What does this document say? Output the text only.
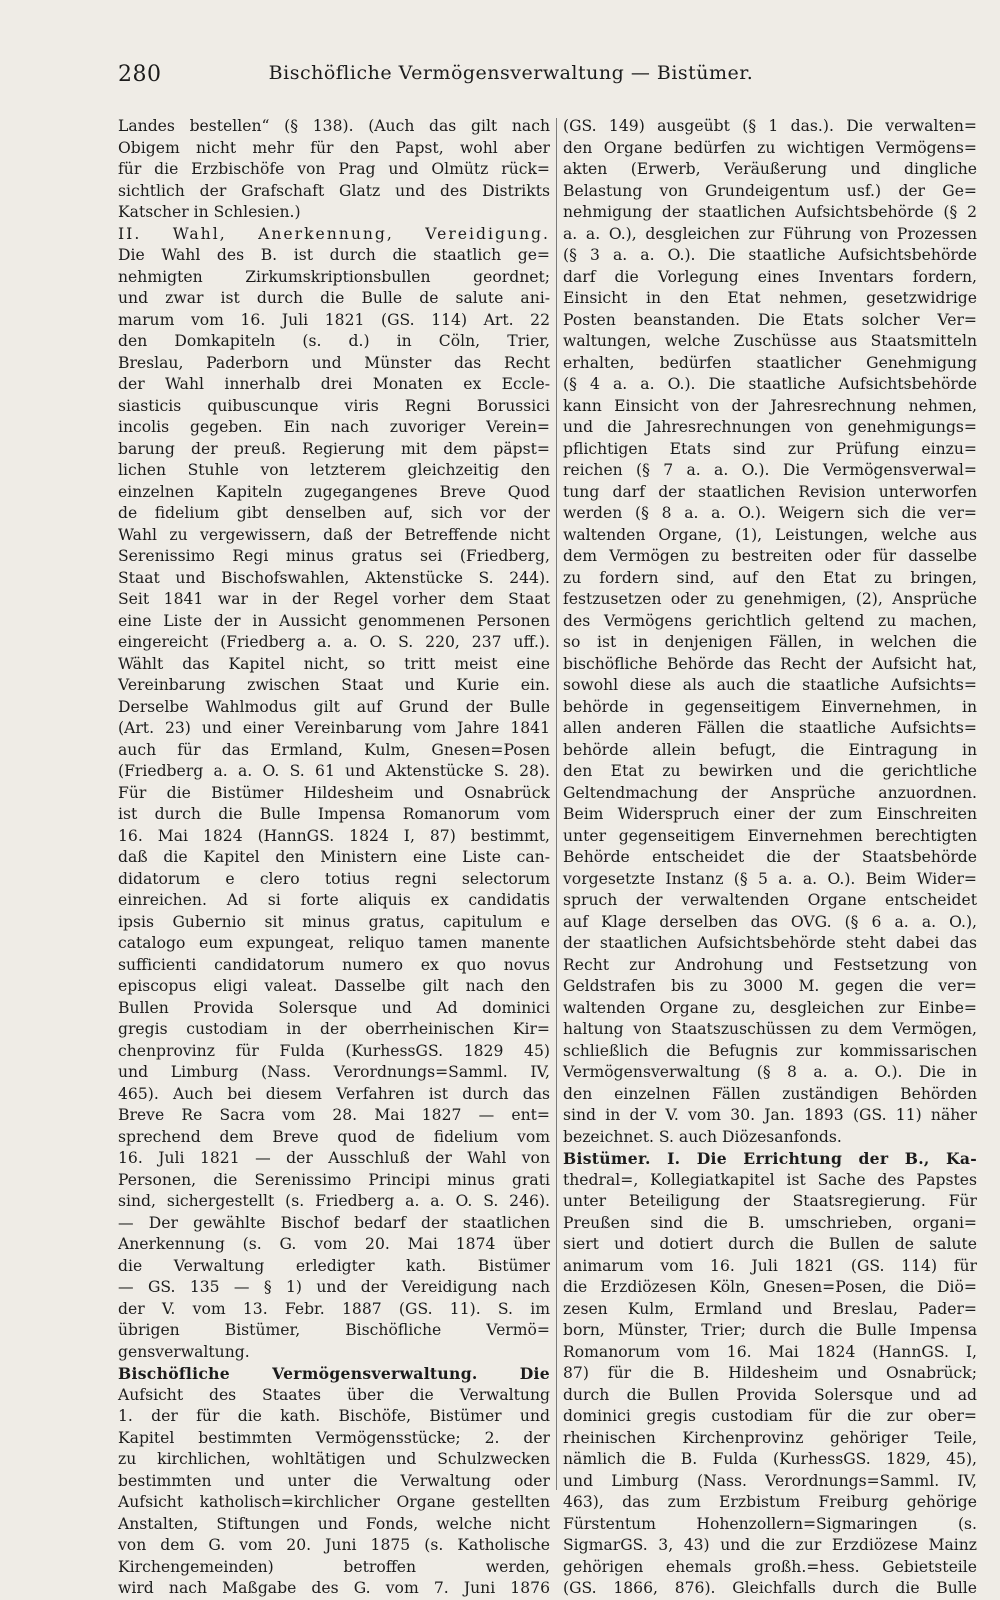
280	Bischöfliche Vermögensverwaltung — Bistümer.
Landes bestellen“ (§ 138). (Auch das gilt nach
Obigem nicht mehr für den Papst, wohl aber
für die Erzbischöfe von Prag und Olmütz rück=
sichtlich der Grafschaft Glatz und des Distrikts
Katscher in Schlesien.)
II. Wahl, Anerkennung, Vereidigung.
Die Wahl des B. ist durch die staatlich ge=
nehmigten Zirkumskriptionsbullen geordnet;
und zwar ist durch die Bulle de salute ani-
marum vom 16. Juli 1821 (GS. 114) Art. 22
den Domkapiteln (s. d.) in Cöln, Trier,
Breslau, Paderborn und Münster das Recht
der Wahl innerhalb drei Monaten ex Eccle-
siasticis quibuscunque viris Regni Borussici
incolis gegeben. Ein nach zuvoriger Verein=
barung der preuß. Regierung mit dem päpst=
lichen Stuhle von letzterem gleichzeitig den
einzelnen Kapiteln zugegangenes Breve Quod
de fidelium gibt denselben auf, sich vor der
Wahl zu vergewissern, daß der Betreffende nicht
Serenissimo Regi minus gratus sei (Friedberg,
Staat und Bischofswahlen, Aktenstücke S. 244).
Seit 1841 war in der Regel vorher dem Staat
eine Liste der in Aussicht genommenen Personen
eingereicht (Friedberg a. a. O. S. 220, 237 uff.).
Wählt das Kapitel nicht, so tritt meist eine
Vereinbarung zwischen Staat und Kurie ein.
Derselbe Wahlmodus gilt auf Grund der Bulle
(Art. 23) und einer Vereinbarung vom Jahre 1841
auch für das Ermland, Kulm, Gnesen=Posen
(Friedberg a. a. O. S. 61 und Aktenstücke S. 28).
Für die Bistümer Hildesheim und Osnabrück
ist durch die Bulle Impensa Romanorum vom
16. Mai 1824 (HannGS. 1824 I, 87) bestimmt,
daß die Kapitel den Ministern eine Liste can-
didatorum e clero totius regni selectorum
einreichen. Ad si forte aliquis ex candidatis
ipsis Gubernio sit minus gratus, capitulum e
catalogo eum expungeat, reliquo tamen manente
sufficienti candidatorum numero ex quo novus
episcopus eligi valeat. Dasselbe gilt nach den
Bullen Provida Solersque und Ad dominici
gregis custodiam in der oberrheinischen Kir=
chenprovinz für Fulda (KurhessGS. 1829 45)
und Limburg (Nass. Verordnungs=Samml. IV,
465). Auch bei diesem Verfahren ist durch das
Breve Re Sacra vom 28. Mai 1827 — ent=
sprechend dem Breve quod de fidelium vom
16. Juli 1821 — der Ausschluß der Wahl von
Personen, die Serenissimo Principi minus grati
sind, sichergestellt (s. Friedberg a. a. O. S. 246).
— Der gewählte Bischof bedarf der staatlichen
Anerkennung (s. G. vom 20. Mai 1874 über
die Verwaltung erledigter kath. Bistümer
— GS. 135 — § 1) und der Vereidigung nach
der V. vom 13. Febr. 1887 (GS. 11). S. im
übrigen Bistümer, Bischöfliche Vermö=
gensverwaltung.
Bischöfliche Vermögensverwaltung. Die
Aufsicht des Staates über die Verwaltung
1. der für die kath. Bischöfe, Bistümer und
Kapitel bestimmten Vermögensstücke; 2. der
zu kirchlichen, wohltätigen und Schulzwecken
bestimmten und unter die Verwaltung oder
Aufsicht katholisch=kirchlicher Organe gestellten
Anstalten, Stiftungen und Fonds, welche nicht
von dem G. vom 20. Juni 1875 (s. Katholische
Kirchengemeinden) betroffen werden,
wird nach Maßgabe des G. vom 7. Juni 1876
(GS. 149) ausgeübt (§ 1 das.). Die verwalten=
den Organe bedürfen zu wichtigen Vermögens=
akten (Erwerb, Veräußerung und dingliche
Belastung von Grundeigentum usf.) der Ge=
nehmigung der staatlichen Aufsichtsbehörde (§ 2
a. a. O.), desgleichen zur Führung von Prozessen
(§ 3 a. a. O.). Die staatliche Aufsichtsbehörde
darf die Vorlegung eines Inventars fordern,
Einsicht in den Etat nehmen, gesetzwidrige
Posten beanstanden. Die Etats solcher Ver=
waltungen, welche Zuschüsse aus Staatsmitteln
erhalten, bedürfen staatlicher Genehmigung
(§ 4 a. a. O.). Die staatliche Aufsichtsbehörde
kann Einsicht von der Jahresrechnung nehmen,
und die Jahresrechnungen von genehmigungs=
pflichtigen Etats sind zur Prüfung einzu=
reichen (§ 7 a. a. O.). Die Vermögensverwal=
tung darf der staatlichen Revision unterworfen
werden (§ 8 a. a. O.). Weigern sich die ver=
waltenden Organe, (1), Leistungen, welche aus
dem Vermögen zu bestreiten oder für dasselbe
zu fordern sind, auf den Etat zu bringen,
festzusetzen oder zu genehmigen, (2), Ansprüche
des Vermögens gerichtlich geltend zu machen,
so ist in denjenigen Fällen, in welchen die
bischöfliche Behörde das Recht der Aufsicht hat,
sowohl diese als auch die staatliche Aufsichts=
behörde in gegenseitigem Einvernehmen, in
allen anderen Fällen die staatliche Aufsichts=
behörde allein befugt, die Eintragung in
den Etat zu bewirken und die gerichtliche
Geltendmachung der Ansprüche anzuordnen.
Beim Widerspruch einer der zum Einschreiten
unter gegenseitigem Einvernehmen berechtigten
Behörde entscheidet die der Staatsbehörde
vorgesetzte Instanz (§ 5 a. a. O.). Beim Wider=
spruch der verwaltenden Organe entscheidet
auf Klage derselben das OVG. (§ 6 a. a. O.),
der staatlichen Aufsichtsbehörde steht dabei das
Recht zur Androhung und Festsetzung von
Geldstrafen bis zu 3000 M. gegen die ver=
waltenden Organe zu, desgleichen zur Einbe=
haltung von Staatszuschüssen zu dem Vermögen,
schließlich die Befugnis zur kommissarischen
Vermögensverwaltung (§ 8 a. a. O.). Die in
den einzelnen Fällen zuständigen Behörden
sind in der V. vom 30. Jan. 1893 (GS. 11) näher
bezeichnet. S. auch Diözesanfonds.
Bistümer. I. Die Errichtung der B., Ka-
thedral=, Kollegiatkapitel ist Sache des Papstes
unter Beteiligung der Staatsregierung. Für
Preußen sind die B. umschrieben, organi=
siert und dotiert durch die Bullen de salute
animarum vom 16. Juli 1821 (GS. 114) für
die Erzdiözesen Köln, Gnesen=Posen, die Diö=
zesen Kulm, Ermland und Breslau, Pader=
born, Münster, Trier; durch die Bulle Impensa
Romanorum vom 16. Mai 1824 (HannGS. I,
87) für die B. Hildesheim und Osnabrück;
durch die Bullen Provida Solersque und ad
dominici gregis custodiam für die zur ober=
rheinischen Kirchenprovinz gehöriger Teile,
nämlich die B. Fulda (KurhessGS. 1829, 45),
und Limburg (Nass. Verordnungs=Samml. IV,
463), das zum Erzbistum Freiburg gehörige
Fürstentum Hohenzollern=Sigmaringen (s.
SigmarGS. 3, 43) und die zur Erzdiözese Mainz
gehörigen ehemals großh.=hess. Gebietsteile
(GS. 1866, 876). Gleichfalls durch die Bulle
